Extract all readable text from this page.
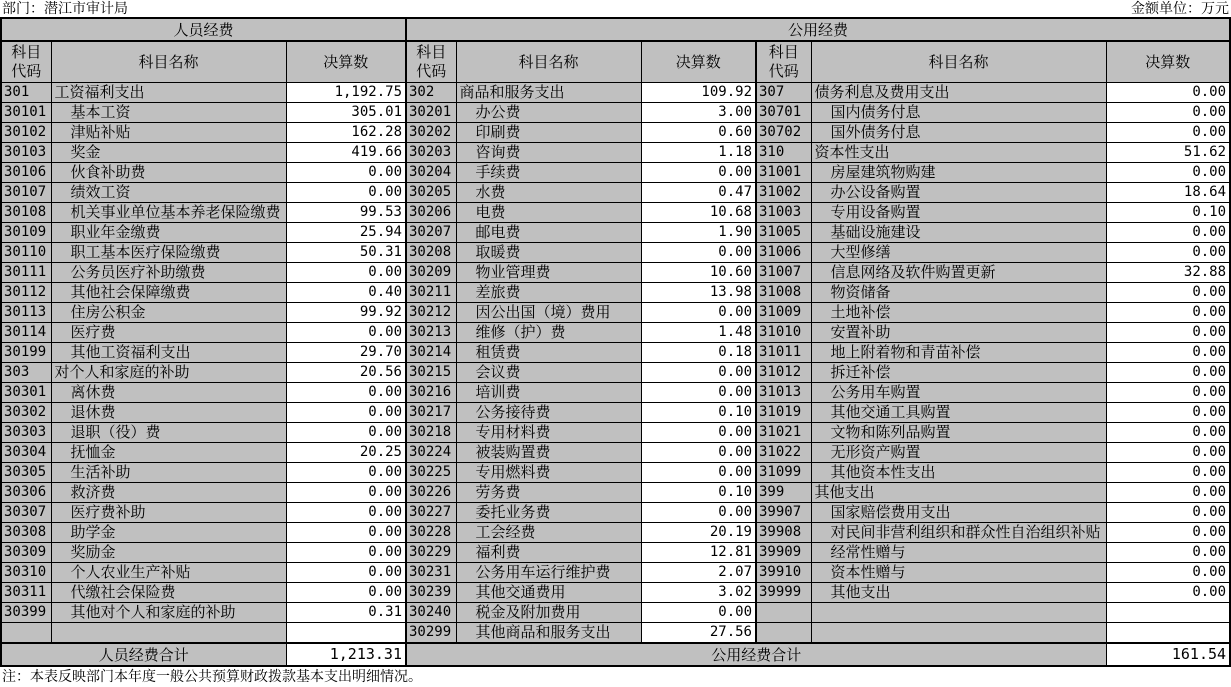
部门：潜江市审计局	金额单位：万元
人员经费			公用经费					
科目代码	科目名称	决算数	科目代码	科目名称	决算数	科目代码	科目名称	决算数
301	工资福利支出	1,192.75	302	商品和服务支出	109.92	307	债务利息及费用支出	0.00
30101	基本工资	305.01	30201	办公费	3.00	30701	国内债务付息	0.00
30102	津贴补贴	162.28	30202	印刷费	0.60	30702	国外债务付息	0.00
30103	奖金	419.66	30203	咨询费	1.18	310	资本性支出	51.62
30106	伙食补助费	0.00	30204	手续费	0.00	31001	房屋建筑物购建	0.00
30107	绩效工资	0.00	30205	水费	0.47	31002	办公设备购置	18.64
30108	机关事业单位基本养老保险缴费	99.53	30206	电费	10.68	31003	专用设备购置	0.10
30109	职业年金缴费	25.94	30207	邮电费	1.90	31005	基础设施建设	0.00
30110	职工基本医疗保险缴费	50.31	30208	取暖费	0.00	31006	大型修缮	0.00
30111	公务员医疗补助缴费	0.00	30209	物业管理费	10.60	31007	信息网络及软件购置更新	32.88
30112	其他社会保障缴费	0.40	30211	差旅费	13.98	31008	物资储备	0.00
30113	住房公积金	99.92	30212	因公出国（境）费用	0.00	31009	土地补偿	0.00
30114	医疗费	0.00	30213	维修（护）费	1.48	31010	安置补助	0.00
30199	其他工资福利支出	29.70	30214	租赁费	0.18	31011	地上附着物和青苗补偿	0.00
303	对个人和家庭的补助	20.56	30215	会议费	0.00	31012	拆迁补偿	0.00
30301	离休费	0.00	30216	培训费	0.00	31013	公务用车购置	0.00
30302	退休费	0.00	30217	公务接待费	0.10	31019	其他交通工具购置	0.00
30303	退职（役）费	0.00	30218	专用材料费	0.00	31021	文物和陈列品购置	0.00
30304	抚恤金	20.25	30224	被装购置费	0.00	31022	无形资产购置	0.00
30305	生活补助	0.00	30225	专用燃料费	0.00	31099	其他资本性支出	0.00
30306	救济费	0.00	30226	劳务费	0.10	399	其他支出	0.00
30307	医疗费补助	0.00	30227	委托业务费	0.00	39907	国家赔偿费用支出	0.00
30308	助学金	0.00	30228	工会经费	20.19	39908	对民间非营利组织和群众性自治组织补贴	0.00
30309	奖励金	0.00	30229	福利费	12.81	39909	经常性赠与	0.00
30310	个人农业生产补贴	0.00	30231	公务用车运行维护费	2.07	39910	资本性赠与	0.00
30311	代缴社会保险费	0.00	30239	其他交通费用	3.02	39999	其他支出	0.00
30399	其他对个人和家庭的补助	0.31	30240	税金及附加费用	0.00			
			30299	其他商品和服务支出	27.56			
人员经费合计		1,213.31	公用经费合计					161.54
注：本表反映部门本年度一般公共预算财政拨款基本支出明细情况。
